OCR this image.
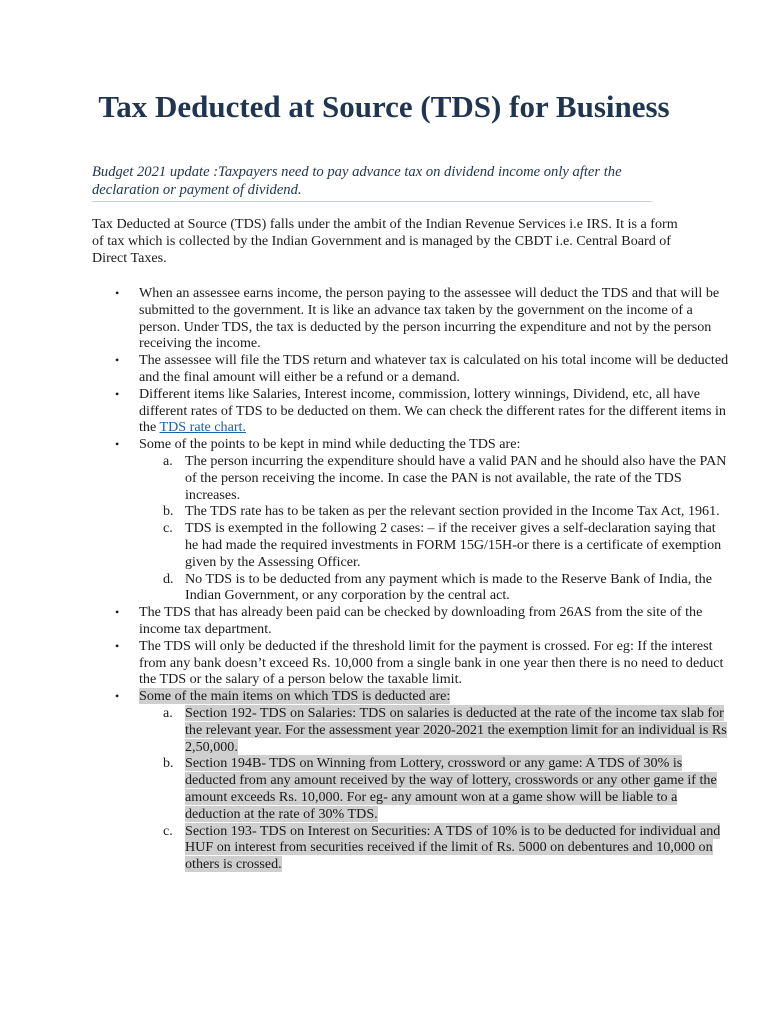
Tax Deducted at Source (TDS) for Business

Budget 2021 update :Taxpayers need to pay advance tax on dividend income only after the declaration or payment of dividend.

Tax Deducted at Source (TDS) falls under the ambit of the Indian Revenue Services i.e IRS. It is a form of tax which is collected by the Indian Government and is managed by the CBDT i.e. Central Board of Direct Taxes.

• When an assessee earns income, the person paying to the assessee will deduct the TDS and that will be submitted to the government. It is like an advance tax taken by the government on the income of a person. Under TDS, the tax is deducted by the person incurring the expenditure and not by the person receiving the income.
• The assessee will file the TDS return and whatever tax is calculated on his total income will be deducted and the final amount will either be a refund or a demand.
• Different items like Salaries, Interest income, commission, lottery winnings, Dividend, etc, all have different rates of TDS to be deducted on them. We can check the different rates for the different items in the TDS rate chart.
• Some of the points to be kept in mind while deducting the TDS are:
a. The person incurring the expenditure should have a valid PAN and he should also have the PAN of the person receiving the income. In case the PAN is not available, the rate of the TDS increases.
b. The TDS rate has to be taken as per the relevant section provided in the Income Tax Act, 1961.
c. TDS is exempted in the following 2 cases: – if the receiver gives a self-declaration saying that he had made the required investments in FORM 15G/15H-or there is a certificate of exemption given by the Assessing Officer.
d. No TDS is to be deducted from any payment which is made to the Reserve Bank of India, the Indian Government, or any corporation by the central act.
• The TDS that has already been paid can be checked by downloading from 26AS from the site of the income tax department.
• The TDS will only be deducted if the threshold limit for the payment is crossed. For eg: If the interest from any bank doesn’t exceed Rs. 10,000 from a single bank in one year then there is no need to deduct the TDS or the salary of a person below the taxable limit.
• Some of the main items on which TDS is deducted are:
a. Section 192- TDS on Salaries: TDS on salaries is deducted at the rate of the income tax slab for the relevant year. For the assessment year 2020-2021 the exemption limit for an individual is Rs 2,50,000.
b. Section 194B- TDS on Winning from Lottery, crossword or any game: A TDS of 30% is deducted from any amount received by the way of lottery, crosswords or any other game if the amount exceeds Rs. 10,000. For eg- any amount won at a game show will be liable to a deduction at the rate of 30% TDS.
c. Section 193- TDS on Interest on Securities: A TDS of 10% is to be deducted for individual and HUF on interest from securities received if the limit of Rs. 5000 on debentures and 10,000 on others is crossed.
